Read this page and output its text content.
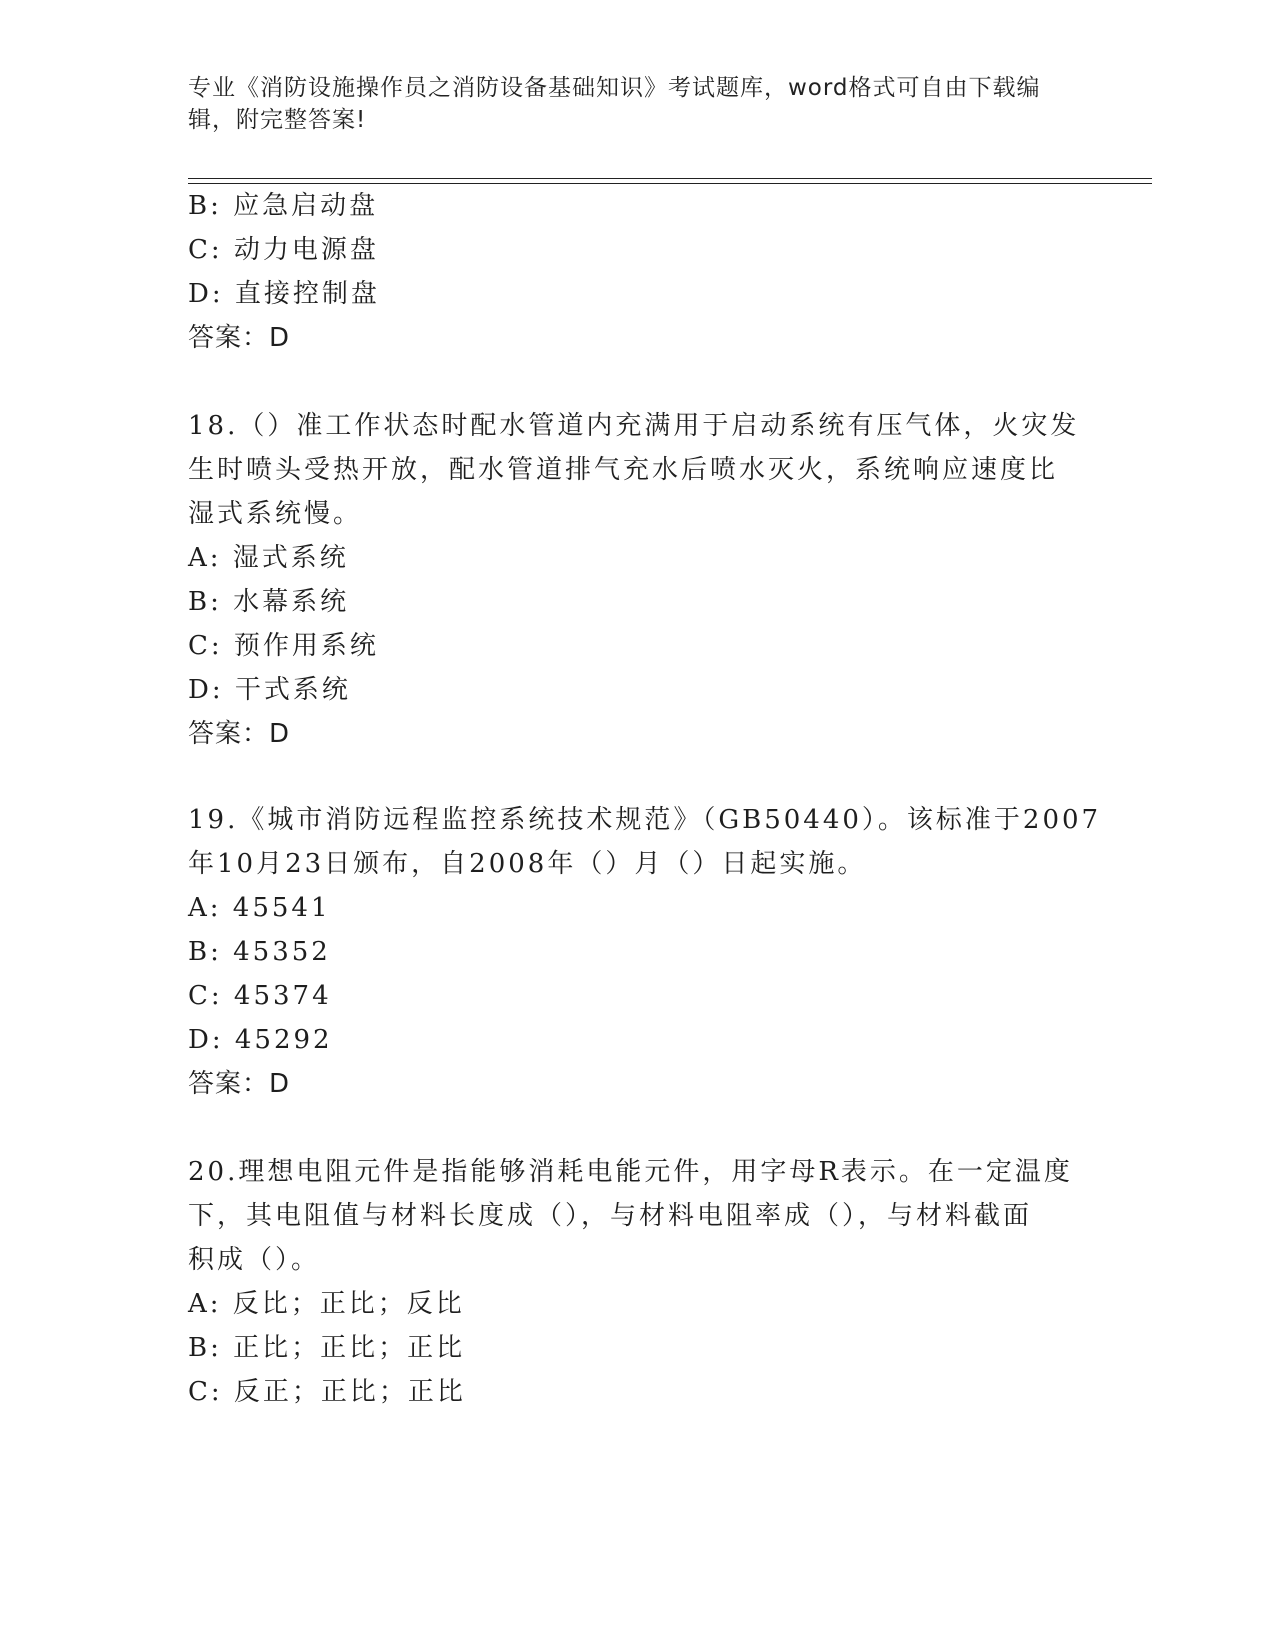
专业《消防设施操作员之消防设备基础知识》考试题库，word格式可自由下载编
辑，附完整答案!
B: 应急启动盘
C: 动力电源盘
D: 直接控制盘
答案：D
18.（）准工作状态时配水管道内充满用于启动系统有压气体，火灾发
生时喷头受热开放，配水管道排气充水后喷水灭火，系统响应速度比
湿式系统慢。
A: 湿式系统
B: 水幕系统
C: 预作用系统
D: 干式系统
答案：D
19.《城市消防远程监控系统技术规范》（GB50440）。该标准于2007
年10月23日颁布，自2008年（）月（）日起实施。
A: 45541
B: 45352
C: 45374
D: 45292
答案：D
20.理想电阻元件是指能够消耗电能元件，用字母R表示。在一定温度
下，其电阻值与材料长度成（），与材料电阻率成（），与材料截面
积成（）。
A: 反比；正比；反比
B: 正比；正比；正比
C: 反正；正比；正比
